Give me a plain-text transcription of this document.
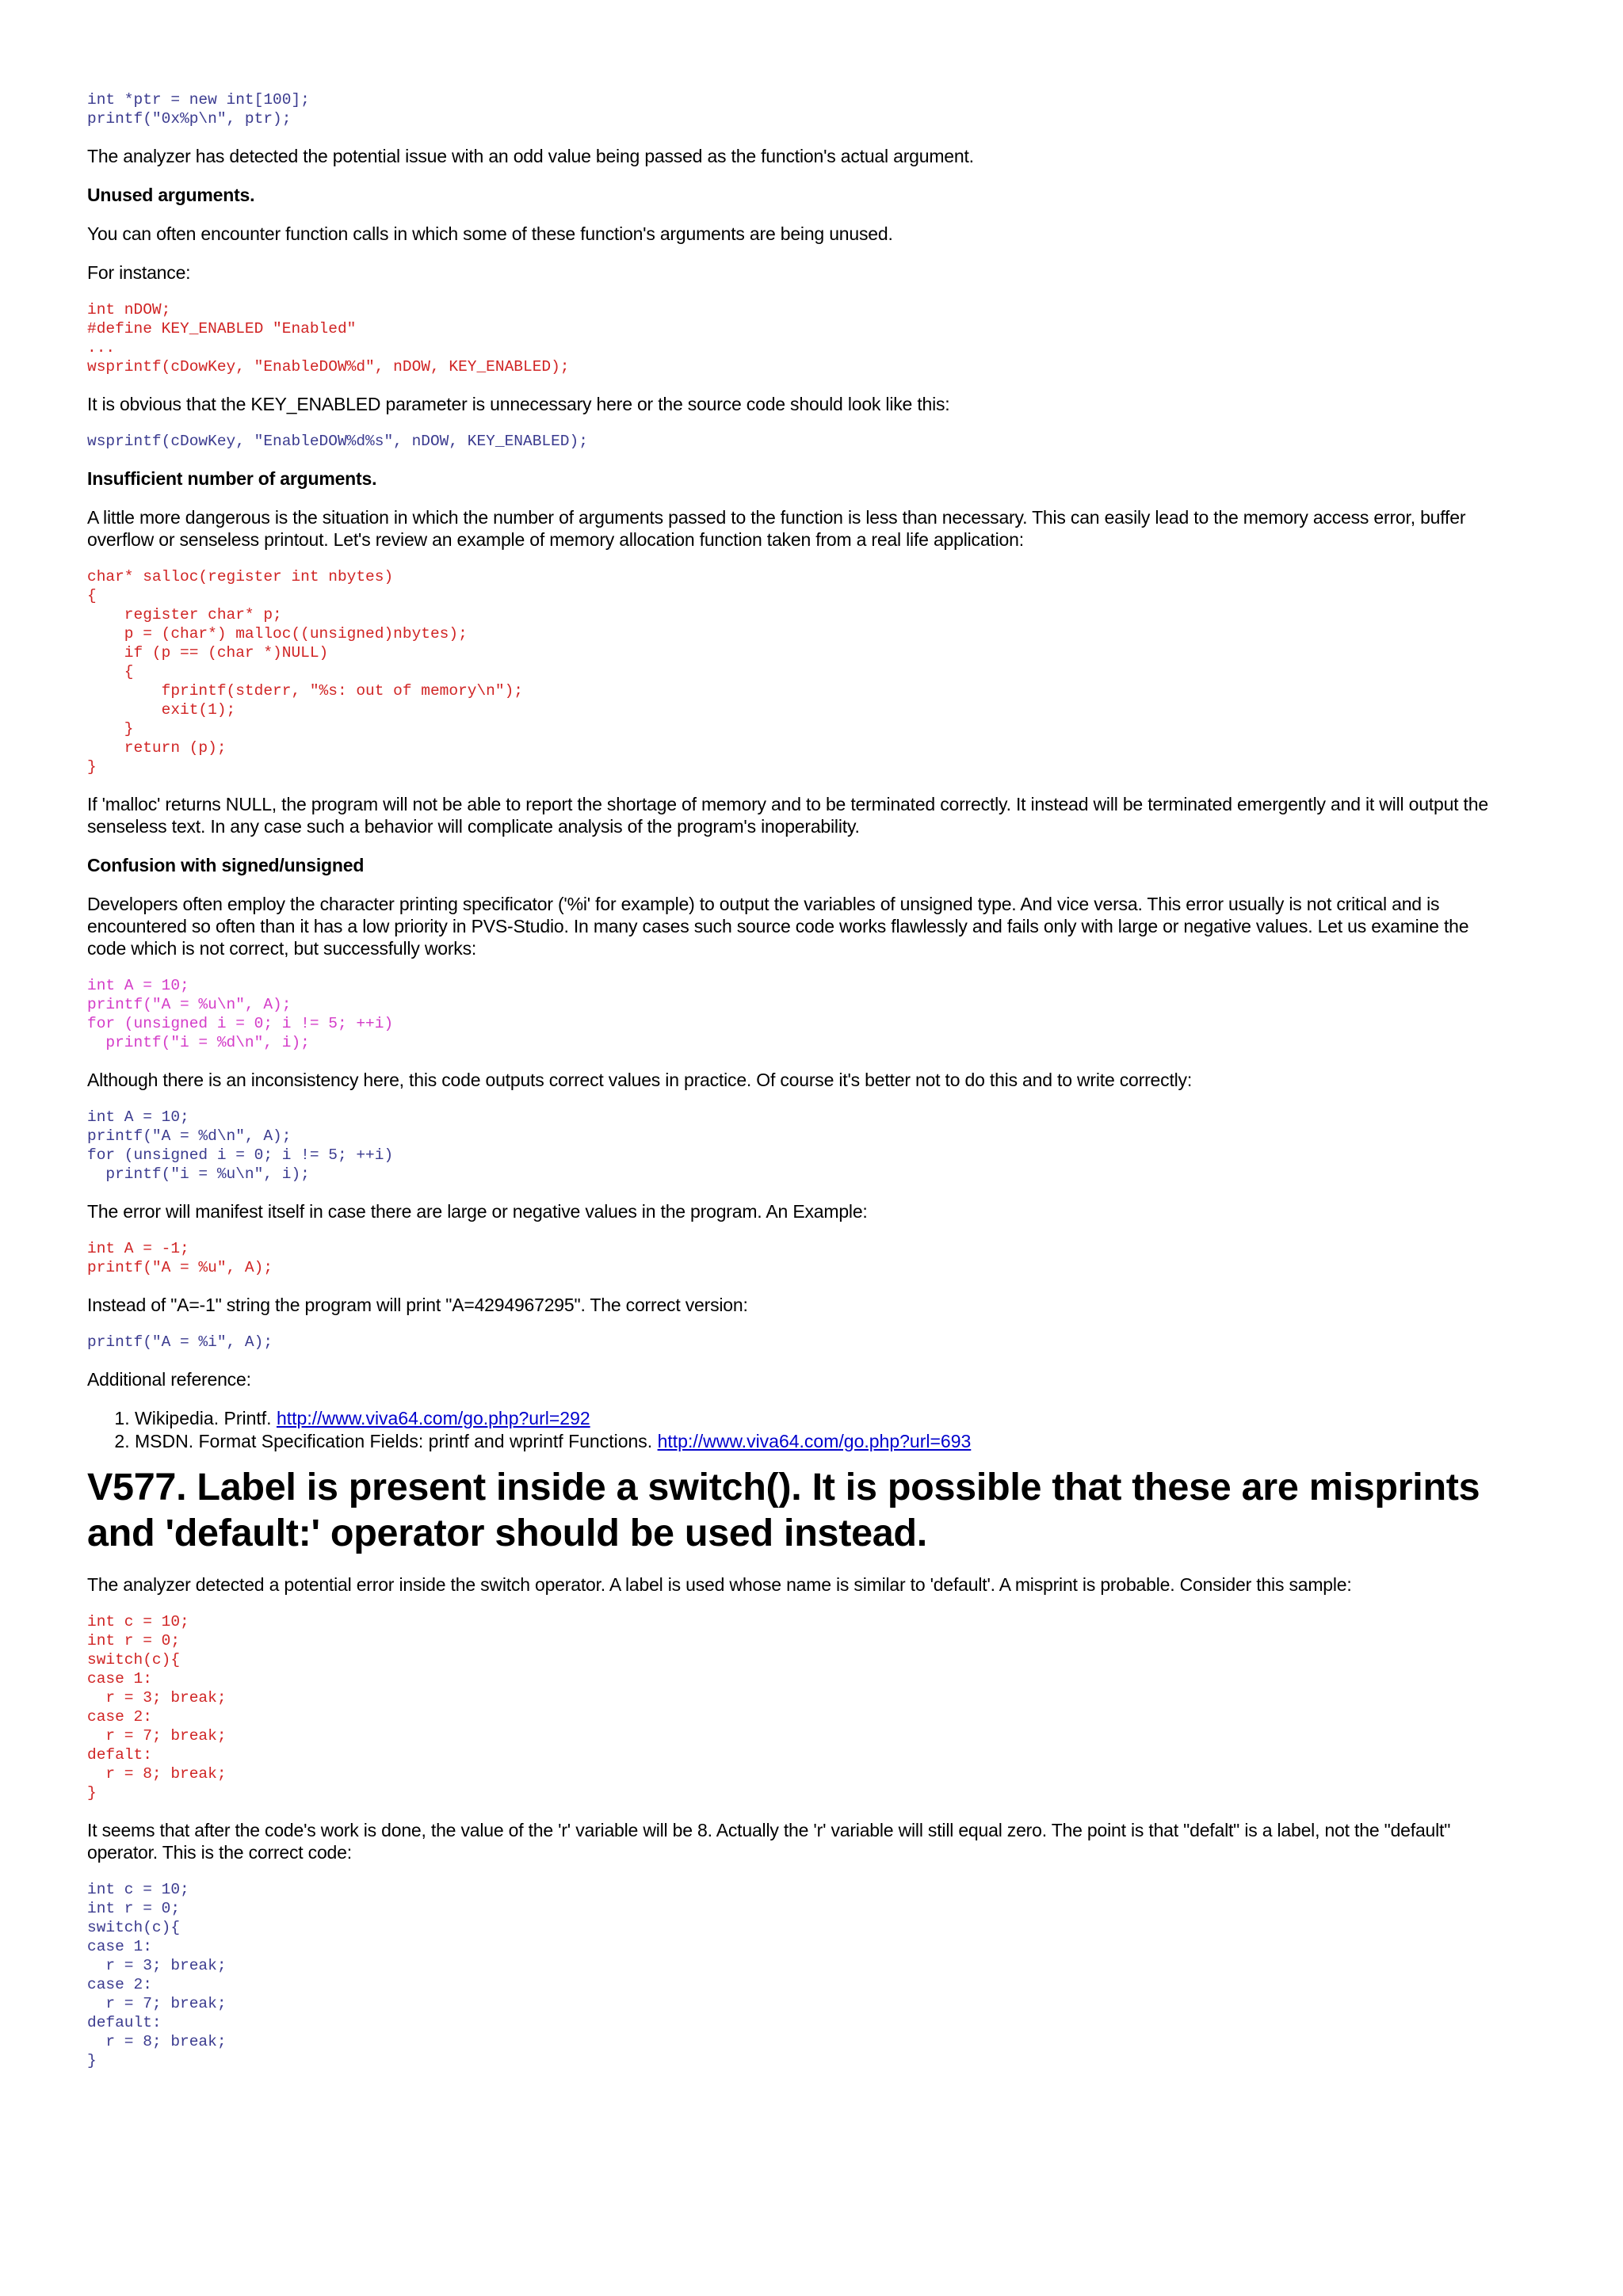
int *ptr = new int[100];
printf("0x%p\n", ptr);

The analyzer has detected the potential issue with an odd value being passed as the function's actual argument.

Unused arguments.

You can often encounter function calls in which some of these function's arguments are being unused.

For instance:

int nDOW;
#define KEY_ENABLED "Enabled"
...
wsprintf(cDowKey, "EnableDOW%d", nDOW, KEY_ENABLED);

It is obvious that the KEY_ENABLED parameter is unnecessary here or the source code should look like this:

wsprintf(cDowKey, "EnableDOW%d%s", nDOW, KEY_ENABLED);

Insufficient number of arguments.

A little more dangerous is the situation in which the number of arguments passed to the function is less than necessary. This can easily lead to the memory access error, buffer overflow or senseless printout. Let's review an example of memory allocation function taken from a real life application:

char* salloc(register int nbytes)
{
register char* p;
p = (char*) malloc((unsigned)nbytes);
if (p == (char *)NULL)
{
fprintf(stderr, "%s: out of memory\n");
exit(1);
}
return (p);
}

If 'malloc' returns NULL, the program will not be able to report the shortage of memory and to be terminated correctly. It instead will be terminated emergently and it will output the senseless text. In any case such a behavior will complicate analysis of the program's inoperability.

Confusion with signed/unsigned

Developers often employ the character printing specificator ('%i' for example) to output the variables of unsigned type. And vice versa. This error usually is not critical and is encountered so often than it has a low priority in PVS-Studio. In many cases such source code works flawlessly and fails only with large or negative values. Let us examine the code which is not correct, but successfully works:

int A = 10;
printf("A = %u\n", A);
for (unsigned i = 0; i != 5; ++i)
printf("i = %d\n", i);

Although there is an inconsistency here, this code outputs correct values in practice. Of course it's better not to do this and to write correctly:

int A = 10;
printf("A = %d\n", A);
for (unsigned i = 0; i != 5; ++i)
printf("i = %u\n", i);

The error will manifest itself in case there are large or negative values in the program. An Example:

int A = -1;
printf("A = %u", A);

Instead of "A=-1" string the program will print "A=4294967295". The correct version:

printf("A = %i", A);

Additional reference:

1. Wikipedia. Printf. http://www.viva64.com/go.php?url=292
2. MSDN. Format Specification Fields: printf and wprintf Functions. http://www.viva64.com/go.php?url=693
V577. Label is present inside a switch(). It is possible that these are misprints and 'default:' operator should be used instead.

The analyzer detected a potential error inside the switch operator. A label is used whose name is similar to 'default'. A misprint is probable. Consider this sample:

int c = 10;
int r = 0;
switch(c){
case 1:
r = 3; break;
case 2:
r = 7; break;
defalt:
r = 8; break;
}

It seems that after the code's work is done, the value of the 'r' variable will be 8. Actually the 'r' variable will still equal zero. The point is that "defalt" is a label, not the "default" operator. This is the correct code:

int c = 10;
int r = 0;
switch(c){
case 1:
r = 3; break;
case 2:
r = 7; break;
default:
r = 8; break;
}
